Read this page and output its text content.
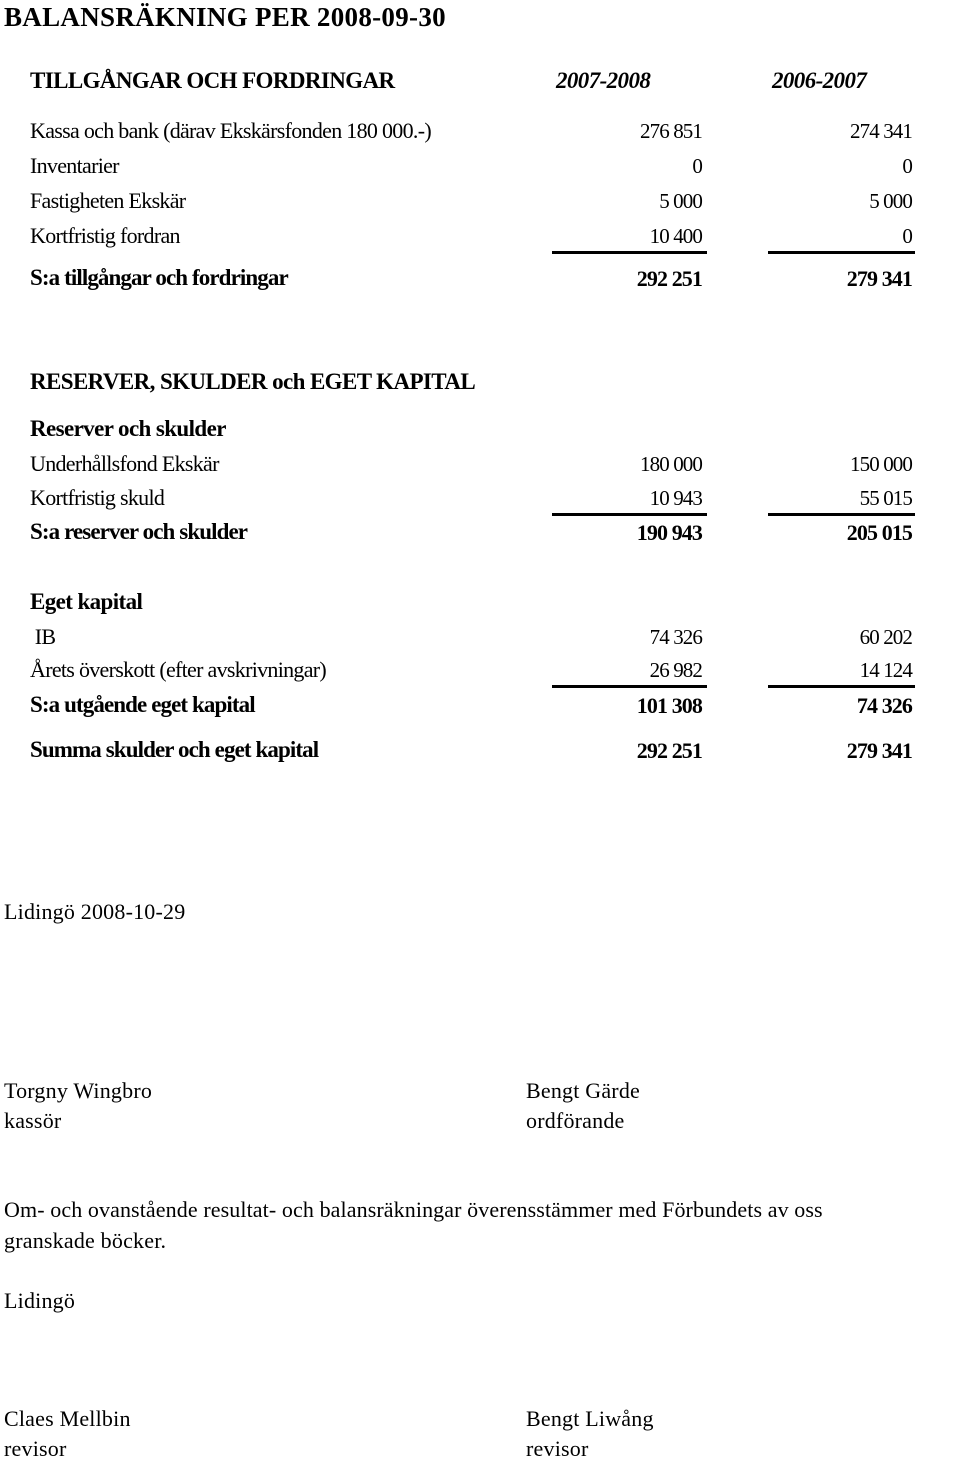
BALANSRÄKNING PER 2008-09-30
TILLGÅNGAR OCH FORDRINGAR	2007-2008	2006-2007
Kassa och bank (därav Ekskärsfonden 180 000.-)	276 851	274 341
Inventarier	0	0
Fastigheten Ekskär	5 000	5 000
Kortfristig fordran	10 400	0
S:a tillgångar och fordringar	292 251	279 341
RESERVER, SKULDER och EGET KAPITAL
Reserver och skulder
Underhållsfond Ekskär	180 000	150 000
Kortfristig skuld	10 943	55 015
S:a reserver och skulder	190 943	205 015
Eget kapital
IB	74 326	60 202
Årets överskott (efter avskrivningar)	26 982	14 124
S:a utgående eget kapital	101 308	74 326
Summa skulder och eget kapital	292 251	279 341
Lidingö 2008-10-29
Torgny Wingbro
kassör
Bengt Gärde
ordförande
Om- och ovanstående resultat- och balansräkningar överensstämmer med Förbundets av oss
granskade böcker.
Lidingö
Claes Mellbin
revisor
Bengt Liwång
revisor
